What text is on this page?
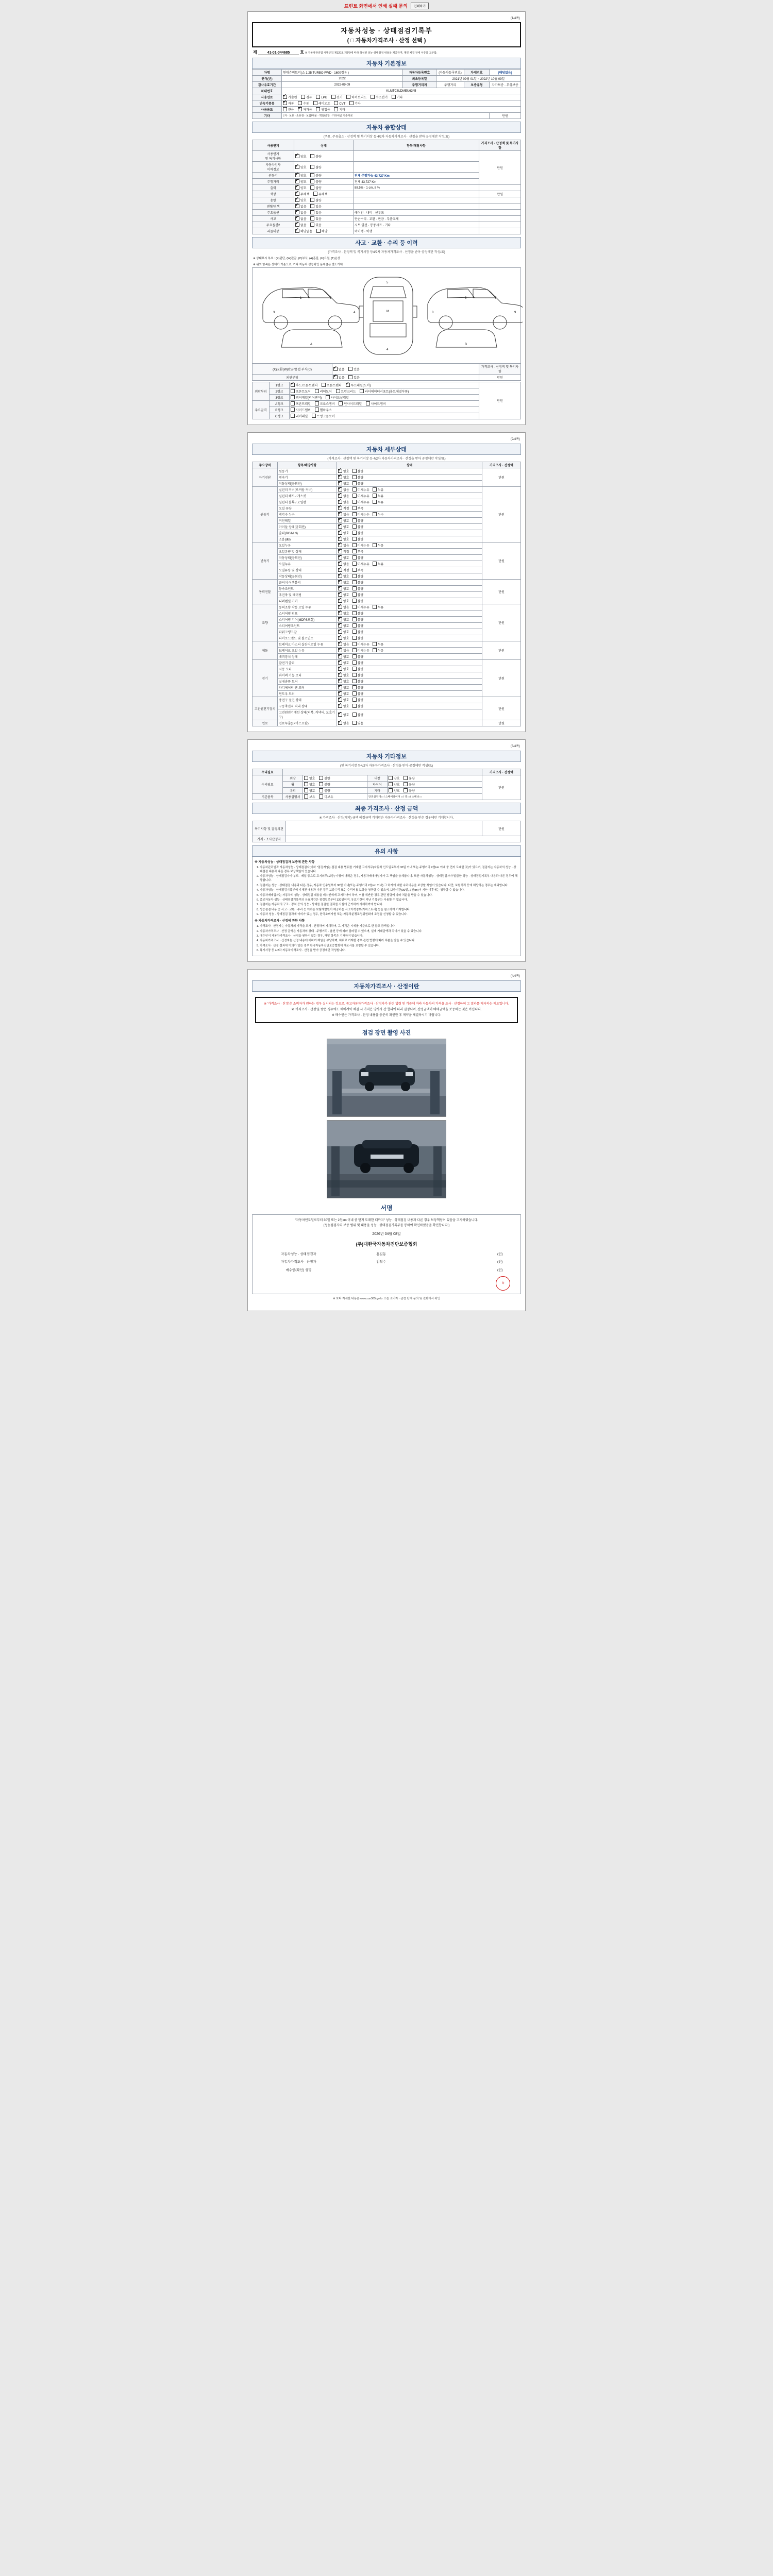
프린트 화면에서 인쇄 실패 문의	인쇄하기
(1/4쪽)
자동차성능 · 상태점검기록부
( □ 자동차가격조사 · 산정 선택 )
제	41-01-044685 호 ※ 자동차관리법 시행규칙 제120조 제2항에 따라 작성된 성능·상태점검 내용을 제공하며, 계약 체결 전에 서류를 교부함.
자동차 기본정보
차명	현대슈퍼트럭(소 1.25 TURBO FWD · 1600경유 )	자동차등록번호	(자동차등록번호)	차대번호	(해당없음)
연식(년)	2022	최초등록일	2021년 09월 01일 ~ 2022년 10월 09일		
검사유효기간	2022-09-09	주행거리계	주행거리	보증유형	자가보증 · 무상보증
차대번호	KLMTC6LDMEU6345				
사용연료	✔가솔린 경유 LPG 전기 하이브리드 수소전기 기타
변속기종류	✔자동 수동 세미오토 CVT 기타
사용용도	관용 ✔ 자가용 영업용 기타
기타	L자 · 보유 · 소유권 · 보험/대물 · 책임/종합 · 기타세금 기준자료				만원
자동차 종합상태
(주요, 주유출소 · 산정액 및 복기서장 등 4/2차 자동차가격조사 · 산정을 받아 공정에만 작성/표)
사용연계	상태	항목/해당사항	가격조사 · 산정액 및 특기사항
사용연계
및 특기사항	✔양호 불량		만원
자동차검사
이력정보	✔양호 불량	
원동기	✔양호 불량	전체 주행가능 43,727 Km	
주행거리	✔양호 불량	전체 43,727 Km	
출력	✔양호 불량	88.5% · 1 cm, 8 %	
색상	✔무채색 유채색		만원
용량	✔양호 불량		
변형/변색	✔없음 있음		
주요옵션	✔없음 있음	에어컨 · 내비 · 선루프	
사고	✔없음 있음	단순수리 · 교환 · 판금 · 부품교체	
주요옵션2	✔없음 있음	시트 열선 · 통풍시트 · 기타	
리콜대상	✔해당없음 해당	미이행 · 이행	
사고 · 교환 · 수리 등 이력
(가격조사 · 산정액 및 복기서장 등4/2차 자동차가격조사 · 산정을 받아 공정에만 작성/표)
※ 상태표시 부호 : (X)판단, (W)판금, (C)부식, (A)흠집, (U)요철, (T)손상
※ 위의 항목은 상태가 기준으로, 기타 자동차 성능확인 문제점은 별도기재
1	2
3	4
5
M
4
6	7
8	9
A	B
(X)교환(W)판금/용접 부식(C)	✔없음 있음	가격조사 · 산정액 및 특기사항
외판부위	✔없음 있음	만원
외판부위	1랭크	✔후드/프론트펜더 프론트펜더 ✔ 루프패널(도어)	만원
	2랭크	프론트도어 리어도어 트렁크리드 라디에이터서포트(볼트체결부품)	
	3랭크	쿼터패널(리어펜더) 사이드실패널	
주요골격	A랭크	프론트패널 크로스멤버 인사이드패널 사이드멤버	
	B랭크	사이드멤버 휠하우스	
	C랭크	리어패널 트렁크플로어	
(2/4쪽)
자동차 세부상태
(가격조사 · 산정액 및 복기서장 등 4/2차 자동차가격조사 · 산정을 받아 공정에만 작성/표)
주요장치	항목/해당사항	상태	가격조사 · 산정액
자기진단	원동기	✔양호 불량	만원
	변속기	✔양호 불량
	작동상태(공회전)	✔양호 불량
원동기	실린더 커버(로커암 커버)	✔없음 미세누유 누유	만원
	실린더 헤드 / 개스킷	✔없음 미세누유 누유
	실린더 블록 / 오일팬	✔없음 미세누유 누유
	오일 유량	✔적정 부족
	냉각수 누수	✔없음 미세누수 누수
	커먼레일	✔양호 불량
	아이들 상태(공회전)	✔양호 불량
	출력(RC/MIN)	✔양호 불량
	소음(dB)	✔양호 불량
변속기	오일누유	✔없음 미세누유 누유	만원
	오일유량 및 상태	✔적정 부족
	작동상태(공회전)	✔양호 불량
	오일누유	✔없음 미세누유 누유
	오일유량 및 상태	✔적정 부족
	작동상태(공회전)	✔양호 불량
동력전달	클러치 어셈블리	✔양호 불량	만원
	등속조인트	✔양호 불량
	추진축 및 베어링	✔양호 불량
	디퍼렌셜 기어	✔양호 불량
조향	동력조향 작동 오일 누유	✔없음 미세누유 누유	만원
	스티어링 펌프	✔양호 불량
	스티어링 기어(MDPS포함)	✔양호 불량
	스티어링조인트	✔양호 불량
	파워크랭크암	✔양호 불량
	타이로드엔드 및 볼조인트	✔양호 불량
제동	브레이크 마스터 실린더오일 누유	✔없음 미세누유 누유	만원
	브레이크 오일 누유	✔없음 미세누유 누유
	배력장치 상태	✔양호 불량
전기	발전기 출력	✔양호 불량	만원
	시동 모터	✔양호 불량
	와이퍼 기능 모터	✔양호 불량
	실내송풍 모터	✔양호 불량
	라디에이터 팬 모터	✔양호 불량
	윈도우 모터	✔양호 불량
고전원전기장치	충전구 절연 상태	✔양호 불량	만원
	구동축전지 격리 상태	✔양호 불량
	고전원전기배선 상태(피복, 커넥터, 보호기구)	✔양호 불량
연료	연료누출(LP가스포함)	✔없음 있음	만원
(3/4쪽)
자동차 기타정보
(및 복기서장 등4/2차 자동차가격조사 · 산정을 받아 공정에만 작성/표)
수리필요					가격조사 · 산정액
수리필요	외장	양호 불량	내장	양호 불량	만원
	휠	양호 불량	타이어	양호 불량	
	유리	양호 불량	기타	양호 불량	
기본품목	사용설명서	보유 미보유	안전삼각대 □ / 스페어타이어 □ / 잭 □ / 스패너 □		
최종 가격조사 · 산정 금액
※ 가격조사 · 산정(계약) 금액 예정금액 기재란은 자동차가격조사 · 산정을 받은 경우에만 기재합니다.
특기사항 및 감정의견		만원
가격 · 조사산정자		
유의 사항
※ 자동차성능 · 상태점검자 보증에 관한 사항
1. 자동차관리법과 자동차성능 · 상태점검자(이하 "점검자")는 점검 내용 범위를 기재한 고지의무(자동차 인도일로부터 30일 이내 또는 주행거리 2천km 이내 중 먼저 도래한 것)가 있으며, 점검자는 자동차의 성능 · 상태점검 내용과 다른 경우 보상책임이 있습니다.
2. 자동차성능 · 상태점검자가 부도 · 폐업 등으로 고지의무(보증) 이행이 어려운 경우, 자동차매매사업자가 그 책임을 승계합니다. 또한 자동차성능 · 상태점검자가 발급한 성능 · 상태점검기록부 내용과 다른 경우에 해당합니다.
3. 점검자는 성능 · 상태점검 내용과 다른 경우, 자동차 인수일부터 30일 이내(또는 주행거리 2천km 이내) 그 하자에 대한 수리비용을 보상할 책임이 있습니다. 다만, 보험처리 등에 해당하는 경우는 제외합니다.
4. 자동차성능 · 상태점검기록부에 기재된 내용과 다른 경우 보증수리 또는 수리비용 보상을 청구할 수 있으며, 보증기간(30일, 2천km)이 지난 이후에는 청구할 수 없습니다.
5. 자동차매매업자는 자동차의 성능 · 상태점검 내용을 매수인에게 고지하여야 하며, 이를 위반한 경우 관련 법령에 따라 처분을 받을 수 있습니다.
6. 중고자동차 성능 · 상태점검기록부의 유효기간은 점검일로부터 120일이며, 유효기간이 지난 기록부는 사용할 수 없습니다.
7. 점검자는 자동차의 구조 · 장치 등의 성능 · 상태를 점검한 결과를 사실에 근거하여 기재하여야 합니다.
8. 성능점검 내용 중 사고 · 교환 · 수리 등 이력은 보험개발원이 제공하는 사고이력정보(카히스토리) 등을 참고하여 기재합니다.
9. 자동차 성능 · 상태점검 결과에 이의가 있는 경우, 한국소비자원 또는 자동차분쟁조정위원회에 조정을 신청할 수 있습니다.
※ 자동차가격조사 · 산정에 관한 사항
1. 가격조사 · 산정자는 자동차의 가격을 조사 · 산정하여 기재하며, 그 가격은 시세를 기준으로 한 참고 금액입니다.
2. 자동차가격조사 · 산정 금액은 자동차의 상태 · 주행거리 · 옵션 등에 따라 달라질 수 있으며, 실제 거래금액과 차이가 있을 수 있습니다.
3. 매수인이 자동차가격조사 · 산정을 원하지 않는 경우, 해당 항목은 기재하지 않습니다.
4. 자동차가격조사 · 산정자는 산정 내용에 대하여 책임을 부담하며, 허위로 기재한 경우 관련 법령에 따라 처분을 받을 수 있습니다.
5. 가격조사 · 산정 결과에 이의가 있는 경우 한국자동차진단보증협회에 재조사를 요청할 수 있습니다.
6. 복기서장 등 4/2차 자동차가격조사 · 산정을 받아 공정에만 작성합니다.
(4/4쪽)
자동차가격조사 · 산정이란

※ '가격조사 · 산정'은 소비자가 원하는 경우 실시되는 것으로, 중고자동차가격조사 · 산정자가 관련 법령 및 기준에 따라 자동차의 가격을 조사 · 산정하여 그 결과를 제시하는 제도입니다.

※ '가격조사 · 산정'을 받은 경우에도 매매계약 체결 시 가격은 당사자 간 협의에 따라 결정되며, 산정금액이 매매금액을 보증하는 것은 아닙니다.

※ 매수인은 가격조사 · 산정 내용을 충분히 확인한 후 계약을 체결하시기 바랍니다.

점검 장면 촬영 사진
서명
"자동차인도일로부터 30일 또는 2천km 이내 중 먼저 도래한 때까지" 성능 · 상태점검 내용과 다른 경우 보상책임이 있음을 고지하였습니다.
(성능점검자의 보증 범위 및 내용을 성능 · 상태점검기록부를 통하여 확인하였음을 확인합니다.)
2026년 04월 08일
(주)대한국자동차진단보증협회
자동차성능 · 상태점검자	홍길동	(인)
자동차가격조사 · 산정자	김철수	(인)
매수인(확인) 성명		(인)
印
※ 보다 자세한 내용은 www.car365.go.kr 또는 소비자 · 관련 단체 문의 및 전화에서 확인
